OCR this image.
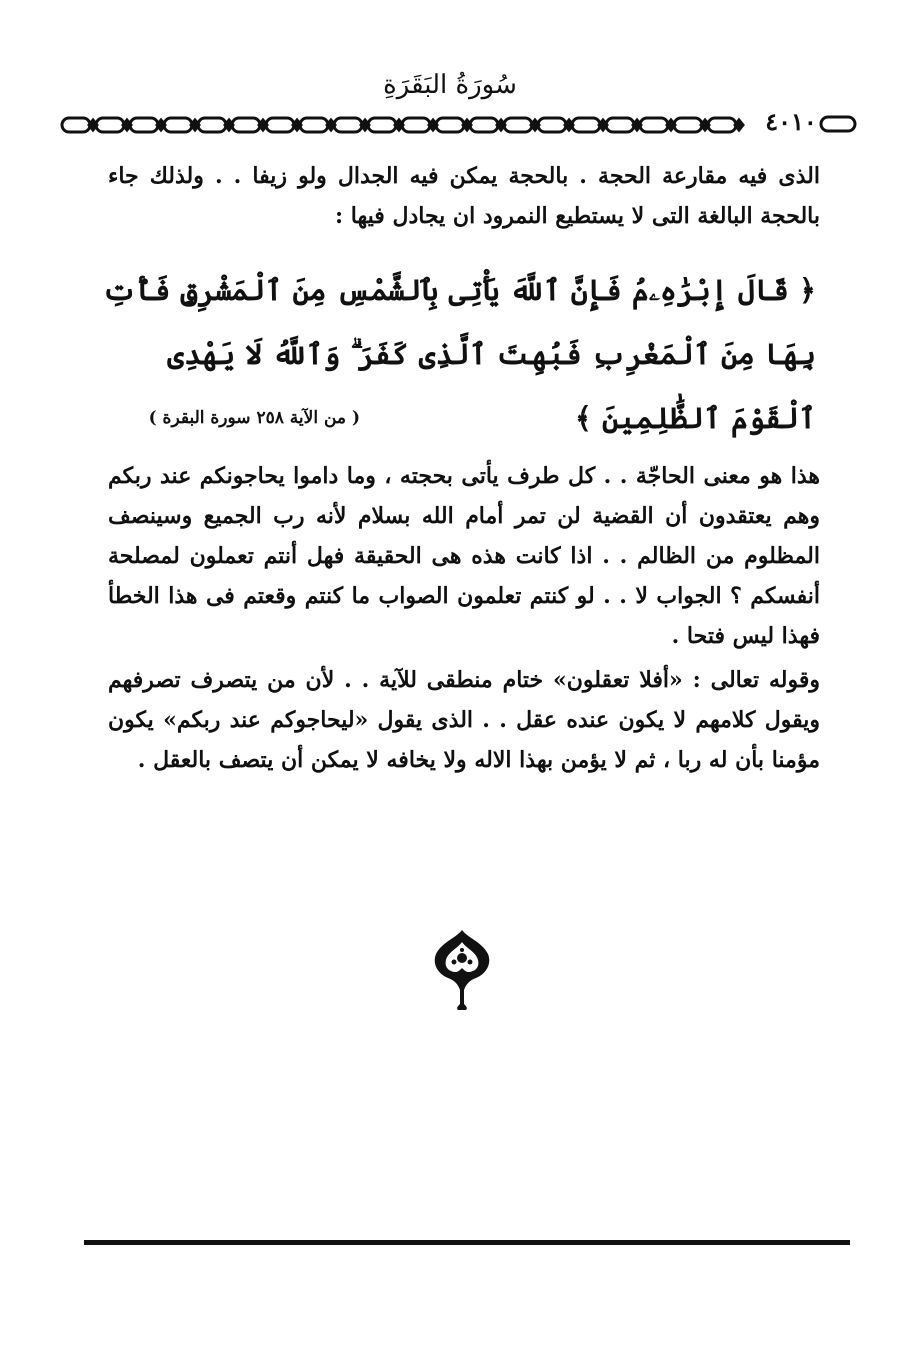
سُورَةُ البَقَرَةِ
٤٠١٠

الذى فيه مقارعة الحجة . بالحجة يمكن فيه الجدال ولو زيفا . . ولذلك جاء بالحجة البالغة التى لا يستطيع النمرود ان يجادل فيها :

﴿ قَالَ إِبْرَٰهِۦمُ فَإِنَّ ٱللَّهَ يَأْتِى بِٱلشَّمْسِ مِنَ ٱلْمَشْرِقِ فَأْتِ بِهَا مِنَ ٱلْمَغْرِبِ فَبُهِتَ ٱلَّذِى كَفَرَ ۗ وَٱللَّهُ لَا يَهْدِى ٱلْقَوْمَ ٱلظَّٰلِمِينَ ﴾

( من الآية ٢٥٨ سورة البقرة )

هذا هو معنى الحاجّة . . كل طرف يأتى بحجته ، وما داموا يحاجونكم عند ربكم وهم يعتقدون أن القضية لن تمر أمام الله بسلام لأنه رب الجميع وسينصف المظلوم من الظالم . . اذا كانت هذه هى الحقيقة فهل أنتم تعملون لمصلحة أنفسكم ؟ الجواب لا . . لو كنتم تعلمون الصواب ما كنتم وقعتم فى هذا الخطأ فهذا ليس فتحا .

وقوله تعالى : «أفلا تعقلون» ختام منطقى للآية . . لأن من يتصرف تصرفهم ويقول كلامهم لا يكون عنده عقل . . الذى يقول «ليحاجوكم عند ربكم» يكون مؤمنا بأن له ربا ، ثم لا يؤمن بهذا الاله ولا يخافه لا يمكن أن يتصف بالعقل .
